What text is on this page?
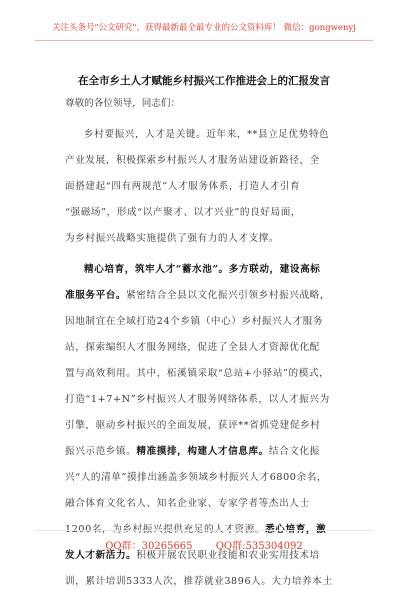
关注头条号"公文研究"，获得最新最全最专业的公文资料库！ 微信：gongwenyj
在全市乡土人才赋能乡村振兴工作推进会上的汇报发言
尊敬的各位领导，同志们：
乡村要振兴，人才是关键。近年来，**县立足优势特色
产业发展，积极探索乡村振兴人才服务站建设新路径，全
面搭建起“四有两规范”人才服务体系，打造人才引育
“强磁场”，形成“以产聚才、以才兴业”的良好局面，
为乡村振兴战略实施提供了强有力的人才支撑。
精心培育，筑牢人才“蓄水池”。多方联动，建设高标
准服务平台。紧密结合全县以文化振兴引领乡村振兴战略，
因地制宜在全域打造24个乡镇（中心）乡村振兴人才服务
站，探索编织人才服务网络，促进了全县人才资源优化配
置与高效利用。其中，柘溪镇采取“总站+小驿站”的模式，
打造“1+7+N”乡村振兴人才服务网络体系，以人才振兴为
引擎，驱动乡村振兴的全面发展，获评**省抓党建促乡村
振兴示范乡镇。精准摸排，构建人才信息库。结合文化振
兴“人的清单”摸排出涵盖多领域乡村振兴人才6800余名，
融合体育文化名人、知名企业家、专家学者等杰出人士
发人才新活力。积极开展农民职业技能和农业实用技术培
训，累计培训5333人次，推荐就业3896人。大力培养本土
QQ群：30265665 QQ群:535304092
